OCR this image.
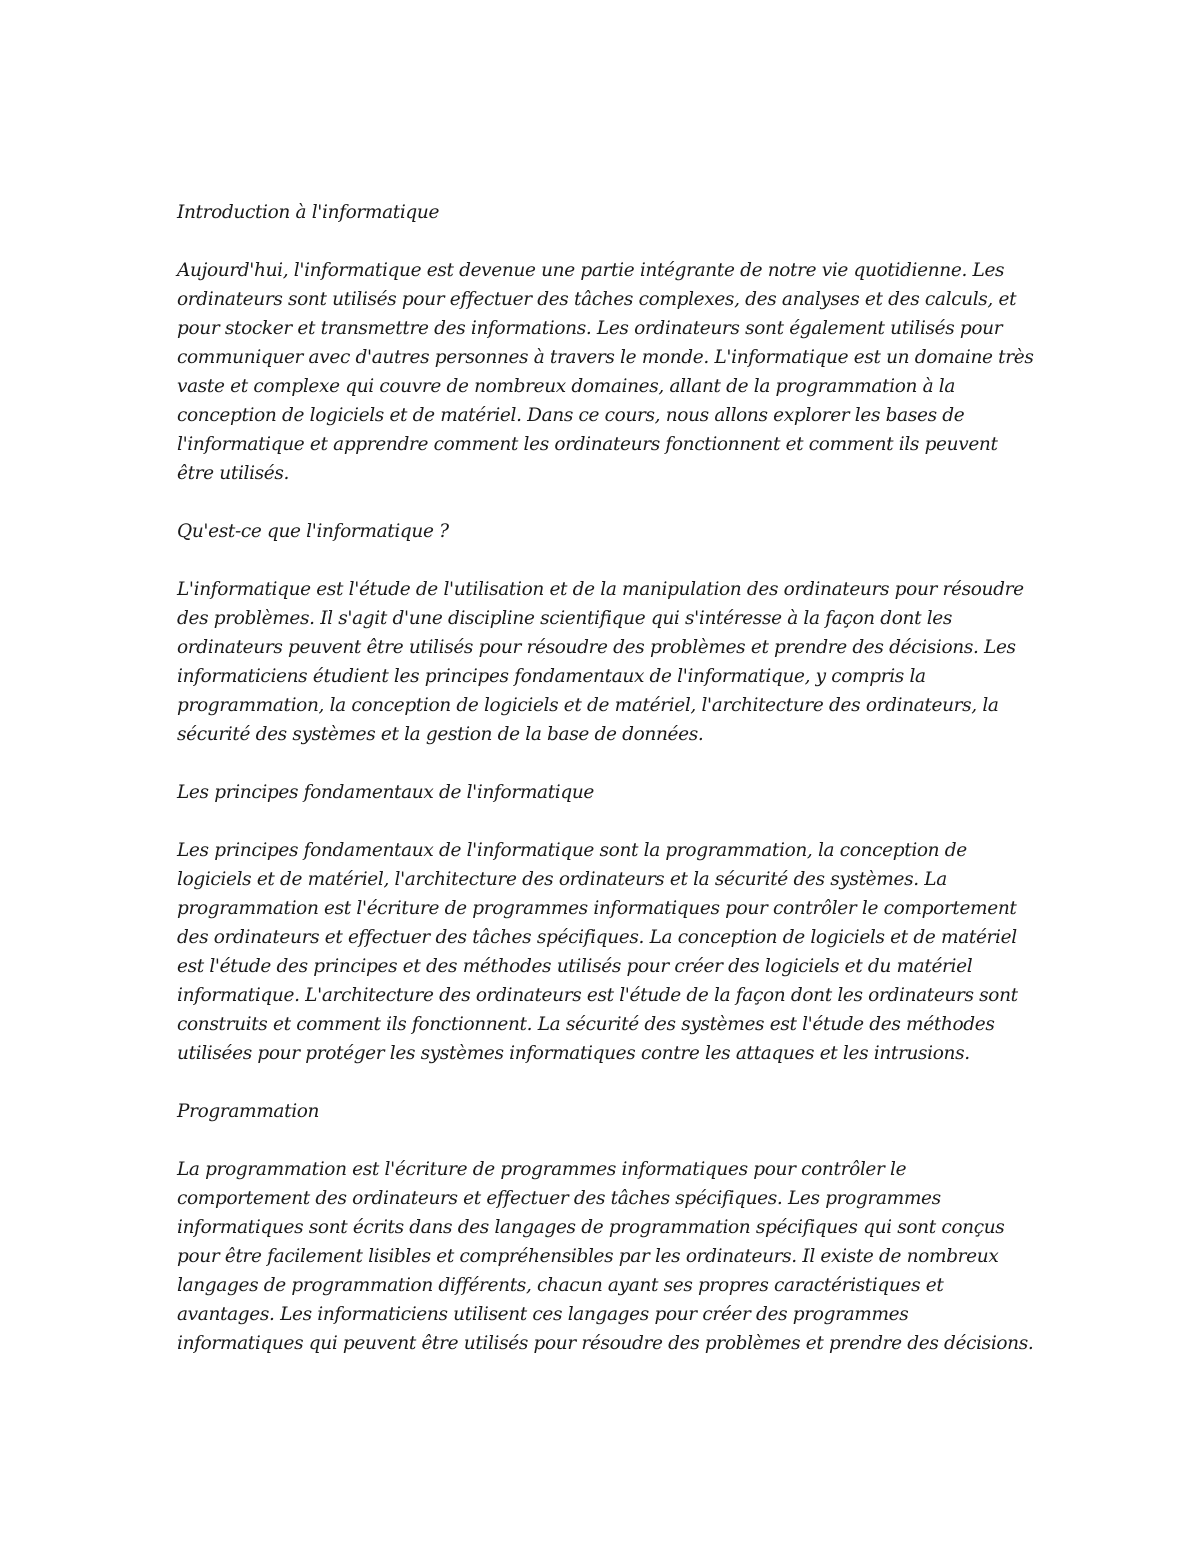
Introduction à l'informatique

Aujourd'hui, l'informatique est devenue une partie intégrante de notre vie quotidienne. Les ordinateurs sont utilisés pour effectuer des tâches complexes, des analyses et des calculs, et pour stocker et transmettre des informations. Les ordinateurs sont également utilisés pour communiquer avec d'autres personnes à travers le monde. L'informatique est un domaine très vaste et complexe qui couvre de nombreux domaines, allant de la programmation à la conception de logiciels et de matériel. Dans ce cours, nous allons explorer les bases de l'informatique et apprendre comment les ordinateurs fonctionnent et comment ils peuvent être utilisés.

Qu'est-ce que l'informatique ?

L'informatique est l'étude de l'utilisation et de la manipulation des ordinateurs pour résoudre des problèmes. Il s'agit d'une discipline scientifique qui s'intéresse à la façon dont les ordinateurs peuvent être utilisés pour résoudre des problèmes et prendre des décisions. Les informaticiens étudient les principes fondamentaux de l'informatique, y compris la programmation, la conception de logiciels et de matériel, l'architecture des ordinateurs, la sécurité des systèmes et la gestion de la base de données.

Les principes fondamentaux de l'informatique

Les principes fondamentaux de l'informatique sont la programmation, la conception de logiciels et de matériel, l'architecture des ordinateurs et la sécurité des systèmes. La programmation est l'écriture de programmes informatiques pour contrôler le comportement des ordinateurs et effectuer des tâches spécifiques. La conception de logiciels et de matériel est l'étude des principes et des méthodes utilisés pour créer des logiciels et du matériel informatique. L'architecture des ordinateurs est l'étude de la façon dont les ordinateurs sont construits et comment ils fonctionnent. La sécurité des systèmes est l'étude des méthodes utilisées pour protéger les systèmes informatiques contre les attaques et les intrusions.

Programmation

La programmation est l'écriture de programmes informatiques pour contrôler le comportement des ordinateurs et effectuer des tâches spécifiques. Les programmes informatiques sont écrits dans des langages de programmation spécifiques qui sont conçus pour être facilement lisibles et compréhensibles par les ordinateurs. Il existe de nombreux langages de programmation différents, chacun ayant ses propres caractéristiques et avantages. Les informaticiens utilisent ces langages pour créer des programmes informatiques qui peuvent être utilisés pour résoudre des problèmes et prendre des décisions.
